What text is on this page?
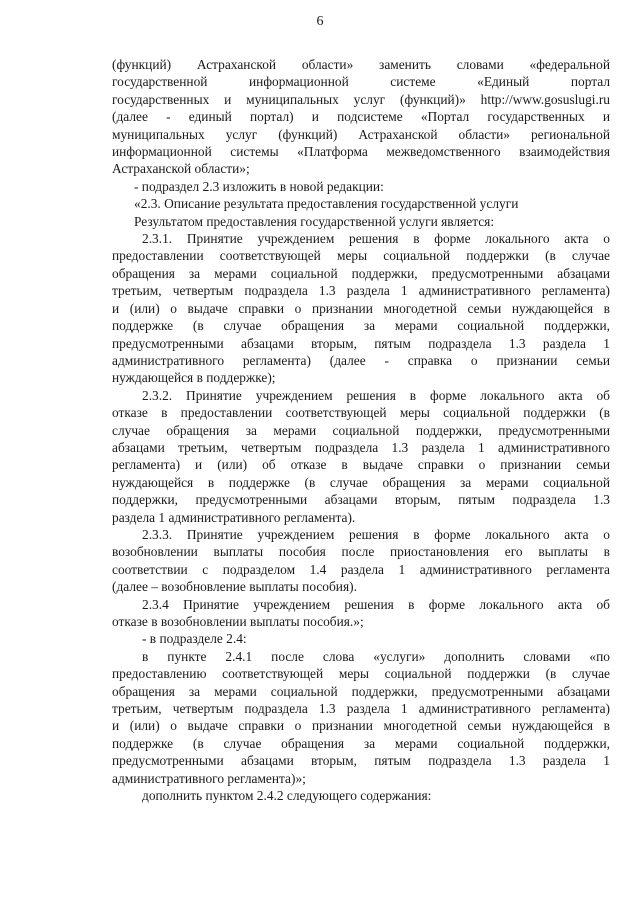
6
(функций) Астраханской области» заменить словами «федеральной
государственной информационной системе «Единый портал
государственных и муниципальных услуг (функций)» http://www.gosuslugi.ru
(далее - единый портал) и подсистеме «Портал государственных и
муниципальных услуг (функций) Астраханской области» региональной
информационной системы «Платформа межведомственного взаимодействия
Астраханской области»;
- подраздел 2.3 изложить в новой редакции:
«2.3. Описание результата предоставления государственной услуги
Результатом предоставления государственной услуги является:
2.3.1. Принятие учреждением решения в форме локального акта о
предоставлении соответствующей меры социальной поддержки (в случае
обращения за мерами социальной поддержки, предусмотренными абзацами
третьим, четвертым подраздела 1.3 раздела 1 административного регламента)
и (или) о выдаче справки о признании многодетной семьи нуждающейся в
поддержке (в случае обращения за мерами социальной поддержки,
предусмотренными абзацами вторым, пятым подраздела 1.3 раздела 1
административного регламента) (далее - справка о признании семьи
нуждающейся в поддержке);
2.3.2. Принятие учреждением решения в форме локального акта об
отказе в предоставлении соответствующей меры социальной поддержки (в
случае обращения за мерами социальной поддержки, предусмотренными
абзацами третьим, четвертым подраздела 1.3 раздела 1 административного
регламента) и (или) об отказе в выдаче справки о признании семьи
нуждающейся в поддержке (в случае обращения за мерами социальной
поддержки, предусмотренными абзацами вторым, пятым подраздела 1.3
раздела 1 административного регламента).
2.3.3. Принятие учреждением решения в форме локального акта о
возобновлении выплаты пособия после приостановления его выплаты в
соответствии с подразделом 1.4 раздела 1 административного регламента
(далее – возобновление выплаты пособия).
2.3.4 Принятие учреждением решения в форме локального акта об
отказе в возобновлении выплаты пособия.»;
- в подразделе 2.4:
в пункте 2.4.1 после слова «услуги» дополнить словами «по
предоставлению соответствующей меры социальной поддержки (в случае
обращения за мерами социальной поддержки, предусмотренными абзацами
третьим, четвертым подраздела 1.3 раздела 1 административного регламента)
и (или) о выдаче справки о признании многодетной семьи нуждающейся в
поддержке (в случае обращения за мерами социальной поддержки,
предусмотренными абзацами вторым, пятым подраздела 1.3 раздела 1
административного регламента)»;
дополнить пунктом 2.4.2 следующего содержания:
